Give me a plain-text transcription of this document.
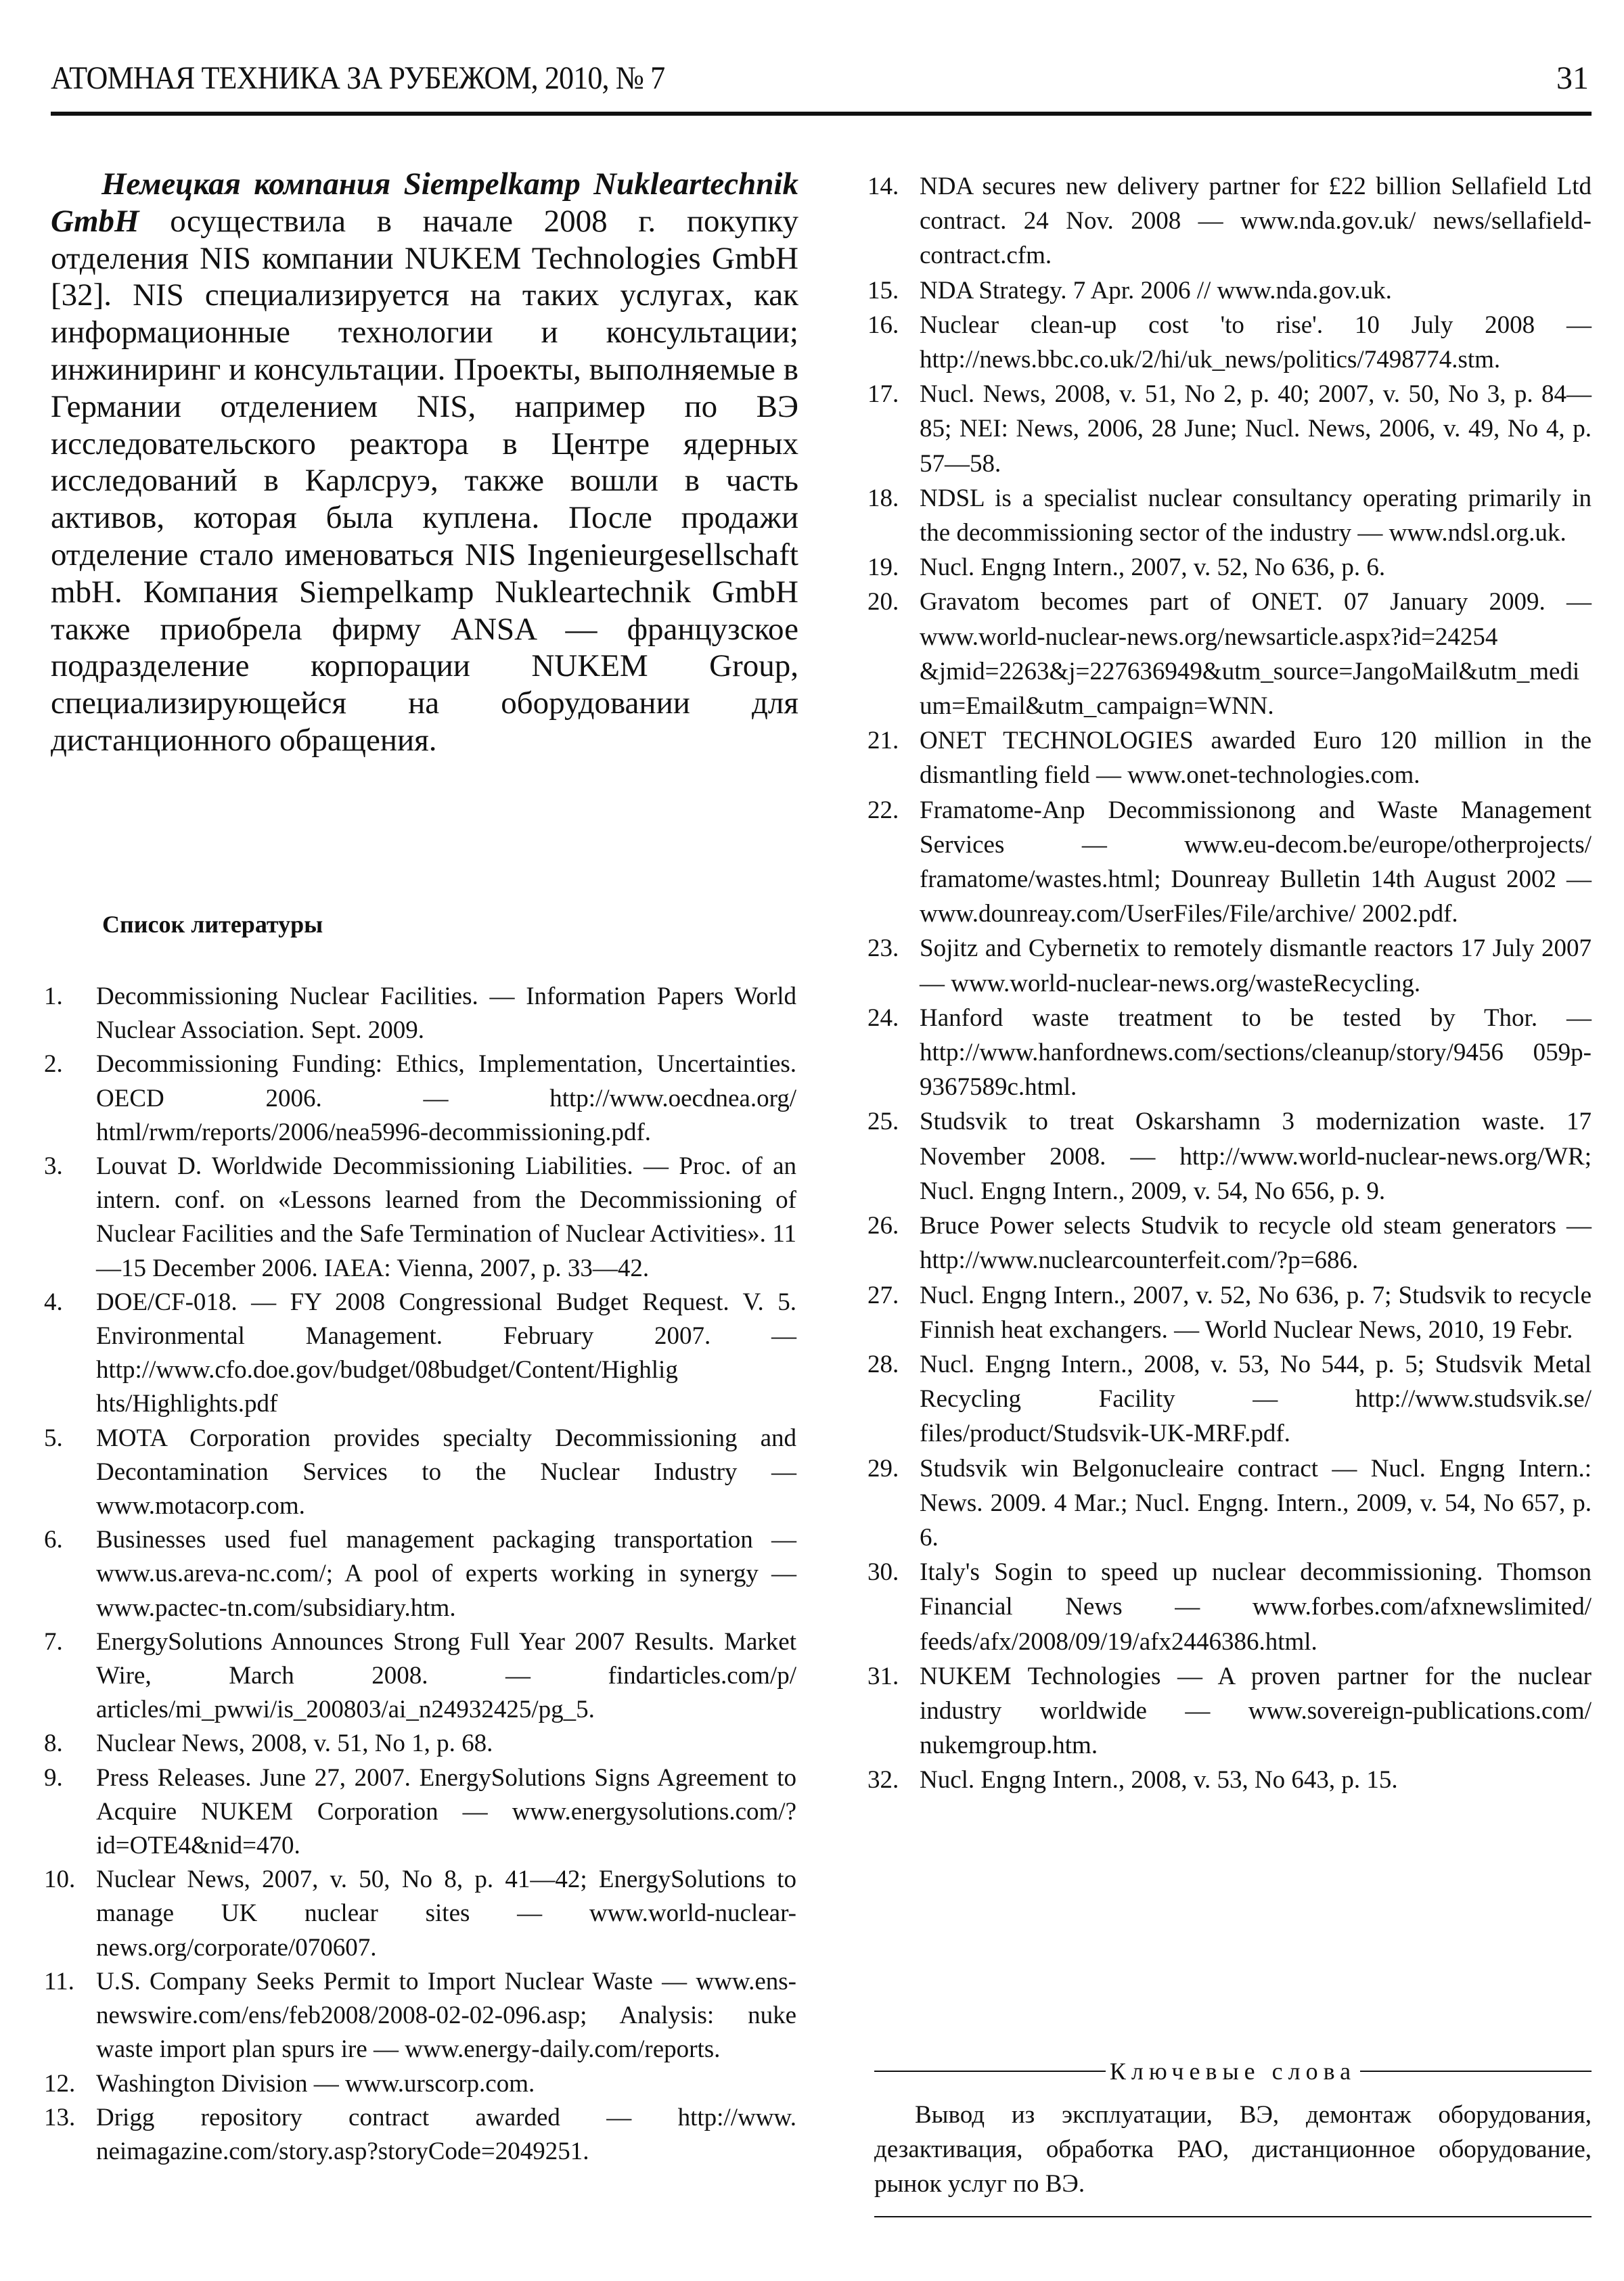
АТОМНАЯ ТЕХНИКА ЗА РУБЕЖОМ, 2010, № 7	31
Немецкая компания Siempelkamp Nukleartechnik GmbH осуществила в начале 2008 г. покупку отделения NIS компании NUKEM Technologies GmbH [32]. NIS специализируется на таких услугах, как информационные технологии и консультации; инжиниринг и консультации. Проекты, выполняемые в Германии отделением NIS, например по ВЭ исследовательского реактора в Центре ядерных исследований в Карлсруэ, также вошли в часть активов, которая была куплена. После продажи отделение стало именоваться NIS Ingenieurgesellschaft mbH. Компания Siempelkamp Nukleartechnik GmbH также приобрела фирму ANSA — французское подразделение корпорации NUKEM Group, специализирующейся на оборудовании для дистанционного обращения.
Список литературы
1.	Decommissioning Nuclear Facilities. — Information Papers World Nuclear Association. Sept. 2009.
2.	Decommissioning Funding: Ethics, Implementation, Uncertainties. OECD 2006. — http://www.oecdnea.org/ html/rwm/reports/2006/nea5996-decommissioning.pdf.
3.	Louvat D. Worldwide Decommissioning Liabilities. — Proc. of an intern. conf. on «Lessons learned from the Decommissioning of Nuclear Facilities and the Safe Termination of Nuclear Activities». 11—15 December 2006. IAEA: Vienna, 2007, p. 33—42.
4.	DOE/CF-018. — FY 2008 Congressional Budget Request. V. 5. Environmental Management. February 2007. — http://www.cfo.doe.gov/budget/08budget/Content/Highlig hts/Highlights.pdf
5.	MOTA Corporation provides specialty Decommissioning and Decontamination Services to the Nuclear Industry — www.motacorp.com.
6.	Businesses used fuel management packaging transportation — www.us.areva-nc.com/; A pool of experts working in synergy — www.pactec-tn.com/subsidiary.htm.
7.	EnergySolutions Announces Strong Full Year 2007 Results. Market Wire, March 2008. — findarticles.com/p/ articles/mi_pwwi/is_200803/ai_n24932425/pg_5.
8.	Nuclear News, 2008, v. 51, No 1, p. 68.
9.	Press Releases. June 27, 2007. EnergySolutions Signs Agreement to Acquire NUKEM Corporation — www.energysolutions.com/?id=OTE4&nid=470.
10. Nuclear News, 2007, v. 50, No 8, p. 41—42; EnergySolutions to manage UK nuclear sites — www.world-nuclear-news.org/corporate/070607.
11. U.S. Company Seeks Permit to Import Nuclear Waste — www.ens-newswire.com/ens/feb2008/2008-02-02-096.asp; Analysis: nuke waste import plan spurs ire — www.energy-daily.com/reports.
12. Washington Division — www.urscorp.com.
13. Drigg repository contract awarded — http://www. neimagazine.com/story.asp?storyCode=2049251.
14. NDA secures new delivery partner for £22 billion Sellafield Ltd contract. 24 Nov. 2008 — www.nda.gov.uk/ news/sellafield-contract.cfm.
15. NDA Strategy. 7 Apr. 2006 // www.nda.gov.uk.
16. Nuclear clean-up cost 'to rise'. 10 July 2008 — http://news.bbc.co.uk/2/hi/uk_news/politics/7498774.stm.
17. Nucl. News, 2008, v. 51, No 2, p. 40; 2007, v. 50, No 3, p. 84—85; NEI: News, 2006, 28 June; Nucl. News, 2006, v. 49, No 4, p. 57—58.
18. NDSL is a specialist nuclear consultancy operating primarily in the decommissioning sector of the industry — www.ndsl.org.uk.
19. Nucl. Engng Intern., 2007, v. 52, No 636, p. 6.
20. Gravatom becomes part of ONET. 07 January 2009. — www.world-nuclear-news.org/newsarticle.aspx?id=24254 &jmid=2263&j=227636949&utm_source=JangoMail&utm_medium=Email&utm_campaign=WNN.
21. ONET TECHNOLOGIES awarded Euro 120 million in the dismantling field — www.onet-technologies.com.
22. Framatome-Anp Decommissionong and Waste Management Services — www.eu-decom.be/europe/otherprojects/ framatome/wastes.html; Dounreay Bulletin 14th August 2002 — www.dounreay.com/UserFiles/File/archive/ 2002.pdf.
23. Sojitz and Cybernetix to remotely dismantle reactors 17 July 2007 — www.world-nuclear-news.org/wasteRecycling.
24. Hanford waste treatment to be tested by Thor. — http://www.hanfordnews.com/sections/cleanup/story/9456 059p-9367589c.html.
25. Studsvik to treat Oskarshamn 3 modernization waste. 17 November 2008. — http://www.world-nuclear-news.org/WR; Nucl. Engng Intern., 2009, v. 54, No 656, p. 9.
26. Bruce Power selects Studvik to recycle old steam generators — http://www.nuclearcounterfeit.com/?p=686.
27. Nucl. Engng Intern., 2007, v. 52, No 636, p. 7; Studsvik to recycle Finnish heat exchangers. — World Nuclear News, 2010, 19 Febr.
28. Nucl. Engng Intern., 2008, v. 53, No 544, p. 5; Studsvik Metal Recycling Facility — http://www.studsvik.se/ files/product/Studsvik-UK-MRF.pdf.
29. Studsvik win Belgonucleaire contract — Nucl. Engng Intern.: News. 2009. 4 Mar.; Nucl. Engng. Intern., 2009, v. 54, No 657, p. 6.
30. Italy's Sogin to speed up nuclear decommissioning. Thomson Financial News — www.forbes.com/afxnewslimited/ feeds/afx/2008/09/19/afx2446386.html.
31. NUKEM Technologies — A proven partner for the nuclear industry worldwide — www.sovereign-publications.com/ nukemgroup.htm.
32. Nucl. Engng Intern., 2008, v. 53, No 643, p. 15.
Ключевые слова
Вывод из эксплуатации, ВЭ, демонтаж оборудования, дезактивация, обработка РАО, дистанционное оборудование, рынок услуг по ВЭ.
